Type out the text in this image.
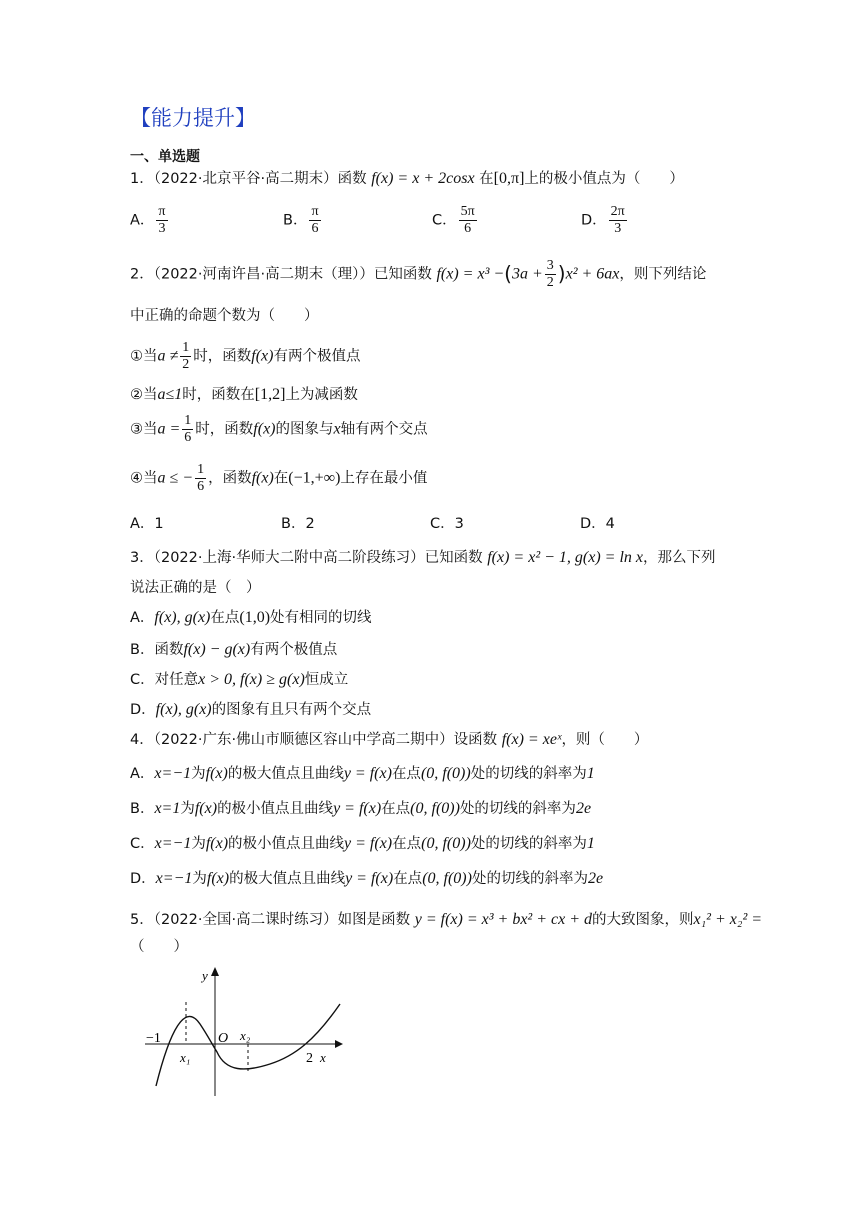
【能力提升】
一、单选题
1．（2022·北京平谷·高二期末）函数 f(x) = x + 2cosx 在[0,π]上的极小值点为（　　）
A． $\frac{\pi}{3}$	B． $\frac{\pi}{6}$	C． $\frac{5\pi}{6}$	D． $\frac{2\pi}{3}$
2．（2022·河南许昌·高二期末（理））已知函数 $f(x) = x^3 -(3a + \frac{3}{2} )x^2 + 6ax$，则下列结论
中正确的命题个数为（　　）
①当$a \ne \frac{1}{2}$ 时，函数f(x)有两个极值点
②当a≤1时，函数在[1,2]上为减函数
③当$a = \frac{1}{6}$ 时，函数f(x)的图象与x轴有两个交点
④当a ≤ − $\frac{1}{6}$ ，函数f(x)在(−1,+∞)上存在最小值
A．1	B．2	C．3	D．4
3．（2022·上海·华师大二附中高二阶段练习）已知函数 f(x) = x² − 1, g(x) = ln x，那么下列
说法正确的是（　）
A．f(x), g(x)在点(1,0)处有相同的切线
B．函数f(x) − g(x)有两个极值点
C．对任意x > 0, f(x) ≥ g(x)恒成立
D．f(x), g(x)的图象有且只有两个交点
4．（2022·广东·佛山市顺德区容山中学高二期中）设函数 f(x) = xeˣ，则（　　）
A．x=−1为f(x)的极大值点且曲线y = f(x)在点(0, f(0))处的切线的斜率为1
B．x=1为f(x)的极小值点且曲线y = f(x)在点(0, f(0))处的切线的斜率为2e
C．x=−1为f(x)的极小值点且曲线y = f(x)在点(0, f(0))处的切线的斜率为1
D．x=−1为f(x)的极大值点且曲线y = f(x)在点(0, f(0))处的切线的斜率为2e
5．（2022·全国·高二课时练习）如图是函数 y = f(x) = x³ + bx² + cx + d的大致图象，则x₁² + x₂² =
（　　）
y
x
O
−1
2
x₁
x₂
